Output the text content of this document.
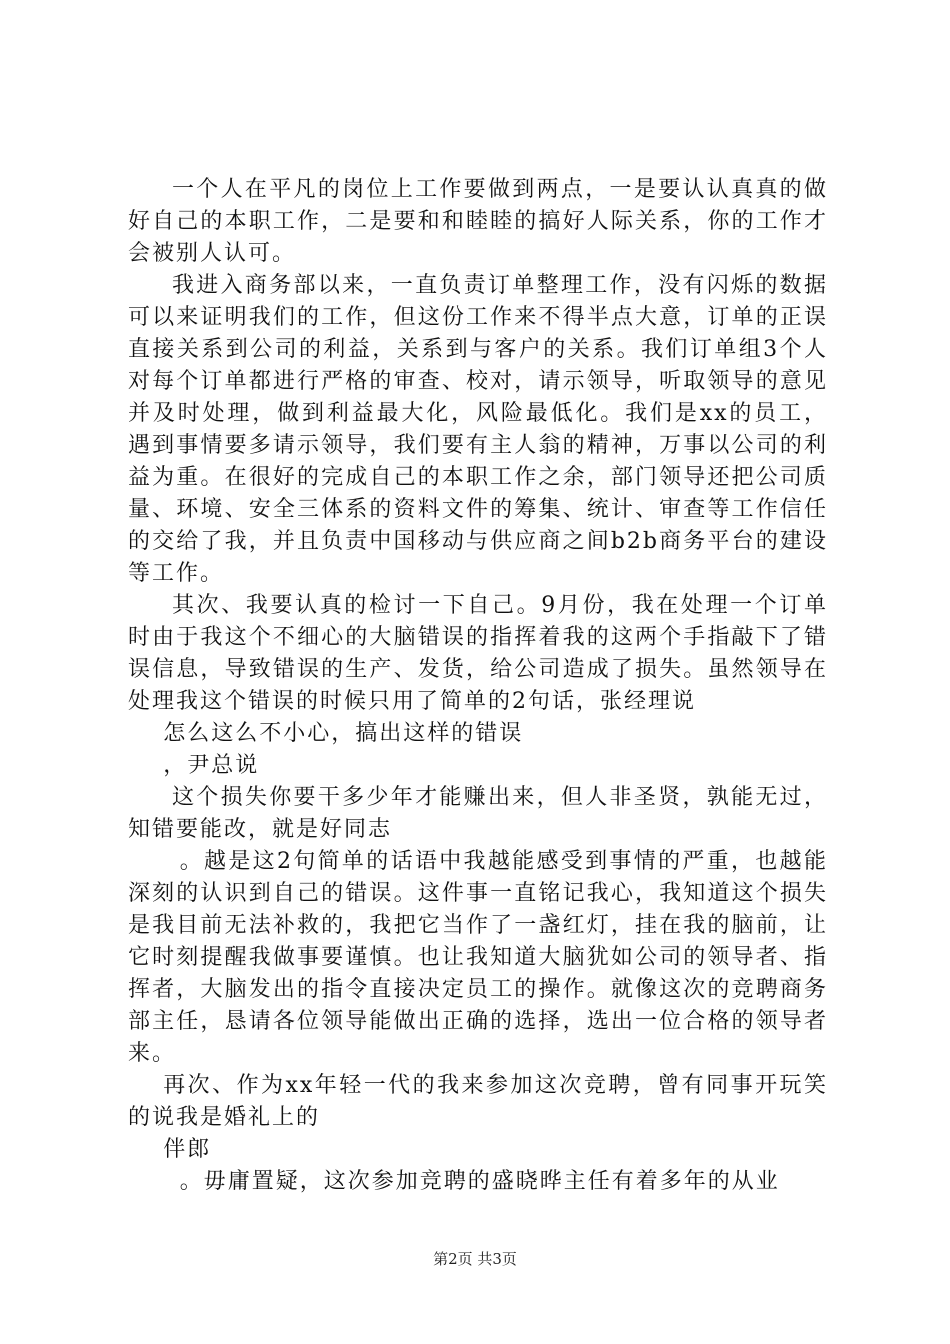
一个人在平凡的岗位上工作要做到两点，一是要认认真真的做好自己的本职工作，二是要和和睦睦的搞好人际关系，你的工作才会被别人认可。

我进入商务部以来，一直负责订单整理工作，没有闪烁的数据可以来证明我们的工作，但这份工作来不得半点大意，订单的正误直接关系到公司的利益，关系到与客户的关系。我们订单组3个人对每个订单都进行严格的审查、校对，请示领导，听取领导的意见并及时处理，做到利益最大化，风险最低化。我们是xx的员工，遇到事情要多请示领导，我们要有主人翁的精神，万事以公司的利益为重。在很好的完成自己的本职工作之余，部门领导还把公司质量、环境、安全三体系的资料文件的筹集、统计、审查等工作信任的交给了我，并且负责中国移动与供应商之间b2b商务平台的建设等工作。

其次、我要认真的检讨一下自己。9月份，我在处理一个订单时由于我这个不细心的大脑错误的指挥着我的这两个手指敲下了错误信息，导致错误的生产、发货，给公司造成了损失。虽然领导在处理我这个错误的时候只用了简单的2句话，张经理说

怎么这么不小心，搞出这样的错误

，尹总说

这个损失你要干多少年才能赚出来，但人非圣贤，孰能无过，知错要能改，就是好同志

。越是这2句简单的话语中我越能感受到事情的严重，也越能深刻的认识到自己的错误。这件事一直铭记我心，我知道这个损失是我目前无法补救的，我把它当作了一盏红灯，挂在我的脑前，让它时刻提醒我做事要谨慎。也让我知道大脑犹如公司的领导者、指挥者，大脑发出的指令直接决定员工的操作。就像这次的竞聘商务部主任，恳请各位领导能做出正确的选择，选出一位合格的领导者来。

再次、作为xx年轻一代的我来参加这次竞聘，曾有同事开玩笑的说我是婚礼上的

伴郎

。毋庸置疑，这次参加竞聘的盛晓晔主任有着多年的从业

第2页 共3页
